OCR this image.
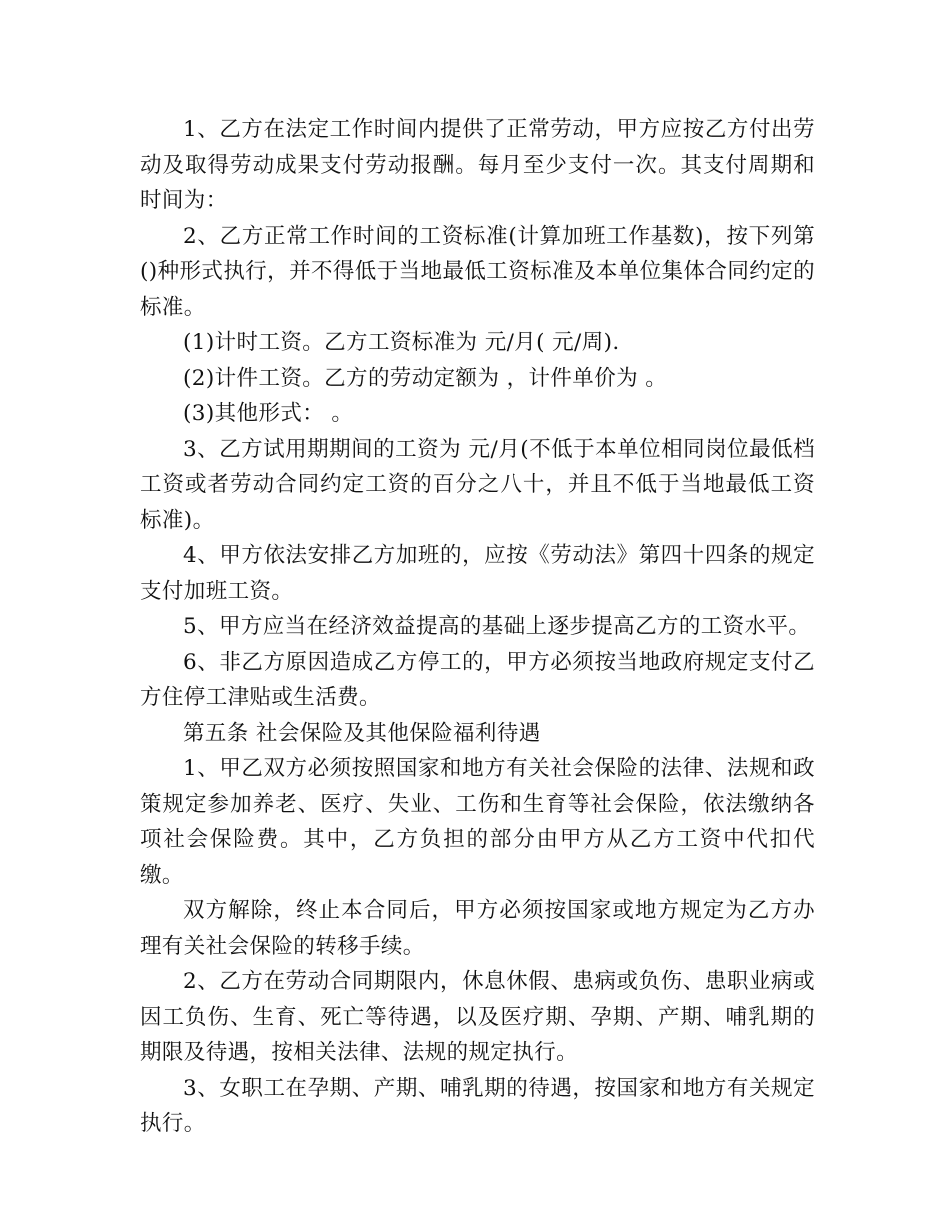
1、乙方在法定工作时间内提供了正常劳动，甲方应按乙方付出劳动及取得劳动成果支付劳动报酬。每月至少支付一次。其支付周期和时间为：

2、乙方正常工作时间的工资标准(计算加班工作基数)，按下列第()种形式执行，并不得低于当地最低工资标准及本单位集体合同约定的标准。

(1)计时工资。乙方工资标准为 元/月( 元/周).

(2)计件工资。乙方的劳动定额为 ，计件单价为 。

(3)其他形式： 。

3、乙方试用期期间的工资为 元/月(不低于本单位相同岗位最低档工资或者劳动合同约定工资的百分之八十，并且不低于当地最低工资标准)。

4、甲方依法安排乙方加班的，应按《劳动法》第四十四条的规定支付加班工资。

5、甲方应当在经济效益提高的基础上逐步提高乙方的工资水平。

6、非乙方原因造成乙方停工的，甲方必须按当地政府规定支付乙方住停工津贴或生活费。

第五条 社会保险及其他保险福利待遇

1、甲乙双方必须按照国家和地方有关社会保险的法律、法规和政策规定参加养老、医疗、失业、工伤和生育等社会保险，依法缴纳各项社会保险费。其中，乙方负担的部分由甲方从乙方工资中代扣代缴。

双方解除，终止本合同后，甲方必须按国家或地方规定为乙方办理有关社会保险的转移手续。

2、乙方在劳动合同期限内，休息休假、患病或负伤、患职业病或因工负伤、生育、死亡等待遇，以及医疗期、孕期、产期、哺乳期的期限及待遇，按相关法律、法规的规定执行。

3、女职工在孕期、产期、哺乳期的待遇，按国家和地方有关规定执行。
